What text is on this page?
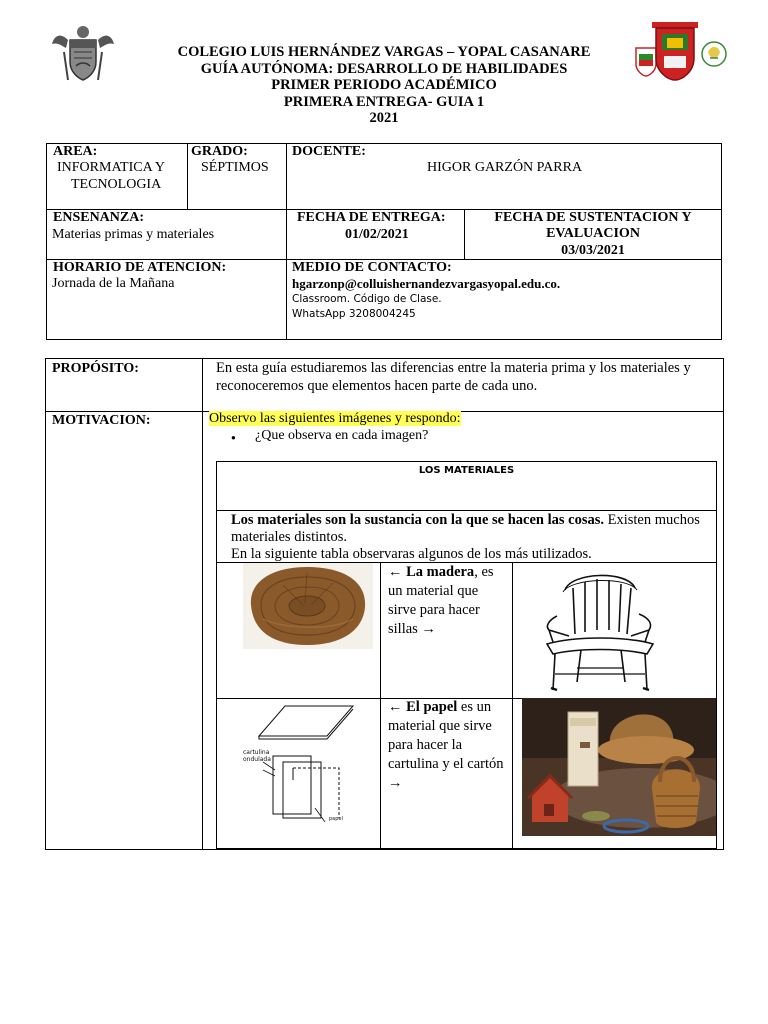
COLEGIO LUIS HERNÁNDEZ VARGAS – YOPAL CASANARE
GUÍA AUTÓNOMA: DESARROLLO DE HABILIDADES
PRIMER PERIODO ACADÉMICO
PRIMERA ENTREGA- GUIA 1
2021
AREA:
INFORMATICA Y
TECNOLOGIA
GRADO:
SÉPTIMOS
DOCENTE:
HIGOR GARZÓN PARRA
ENSENANZA:
Materias primas y materiales
FECHA DE ENTREGA:
01/02/2021
FECHA DE SUSTENTACION Y
EVALUACION
03/03/2021
HORARIO DE ATENCION:
Jornada de la Mañana
MEDIO DE CONTACTO:
hgarzonp@colluishernandezvargasyopal.edu.co.
Classroom. Código de Clase.
WhatsApp 3208004245
PROPÓSITO:	En esta guía estudiaremos las diferencias entre la materia prima y los materiales y
reconoceremos que elementos hacen parte de cada uno.
MOTIVACION:	Observo las siguientes imágenes y respondo:
● ¿Que observa en cada imagen?
LOS MATERIALES
Los materiales son la sustancia con la que se hacen las cosas. Existen muchos
materiales distintos.
En la siguiente tabla observaras algunos de los más utilizados.
← La madera, es
un material que
sirve para hacer
sillas →
cartulina
ondulada
papel
← El papel es un
material que sirve
para hacer la
cartulina y el cartón
→
